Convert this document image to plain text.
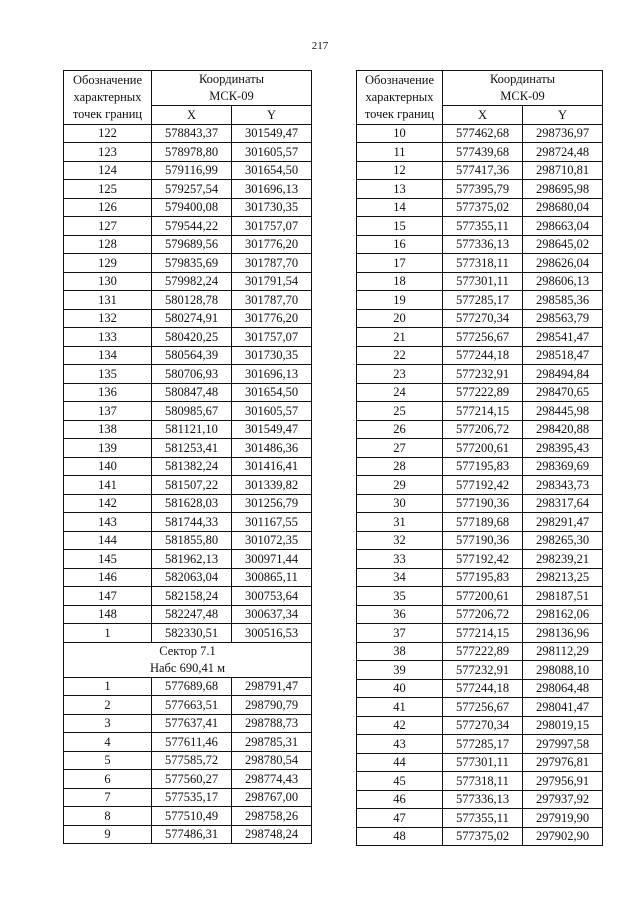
217
Обозначение
характерных
точек границ	Координаты
МСК-09	
	X	Y
122	578843,37	301549,47
123	578978,80	301605,57
124	579116,99	301654,50
125	579257,54	301696,13
126	579400,08	301730,35
127	579544,22	301757,07
128	579689,56	301776,20
129	579835,69	301787,70
130	579982,24	301791,54
131	580128,78	301787,70
132	580274,91	301776,20
133	580420,25	301757,07
134	580564,39	301730,35
135	580706,93	301696,13
136	580847,48	301654,50
137	580985,67	301605,57
138	581121,10	301549,47
139	581253,41	301486,36
140	581382,24	301416,41
141	581507,22	301339,82
142	581628,03	301256,79
143	581744,33	301167,55
144	581855,80	301072,35
145	581962,13	300971,44
146	582063,04	300865,11
147	582158,24	300753,64
148	582247,48	300637,34
1	582330,51	300516,53
Сектор 7.1
Набс 690,41 м		
1	577689,68	298791,47
2	577663,51	298790,79
3	577637,41	298788,73
4	577611,46	298785,31
5	577585,72	298780,54
6	577560,27	298774,43
7	577535,17	298767,00
8	577510,49	298758,26
9	577486,31	298748,24
Обозначение
характерных
точек границ	Координаты
МСК-09	
	X	Y
10	577462,68	298736,97
11	577439,68	298724,48
12	577417,36	298710,81
13	577395,79	298695,98
14	577375,02	298680,04
15	577355,11	298663,04
16	577336,13	298645,02
17	577318,11	298626,04
18	577301,11	298606,13
19	577285,17	298585,36
20	577270,34	298563,79
21	577256,67	298541,47
22	577244,18	298518,47
23	577232,91	298494,84
24	577222,89	298470,65
25	577214,15	298445,98
26	577206,72	298420,88
27	577200,61	298395,43
28	577195,83	298369,69
29	577192,42	298343,73
30	577190,36	298317,64
31	577189,68	298291,47
32	577190,36	298265,30
33	577192,42	298239,21
34	577195,83	298213,25
35	577200,61	298187,51
36	577206,72	298162,06
37	577214,15	298136,96
38	577222,89	298112,29
39	577232,91	298088,10
40	577244,18	298064,48
41	577256,67	298041,47
42	577270,34	298019,15
43	577285,17	297997,58
44	577301,11	297976,81
45	577318,11	297956,91
46	577336,13	297937,92
47	577355,11	297919,90
48	577375,02	297902,90
